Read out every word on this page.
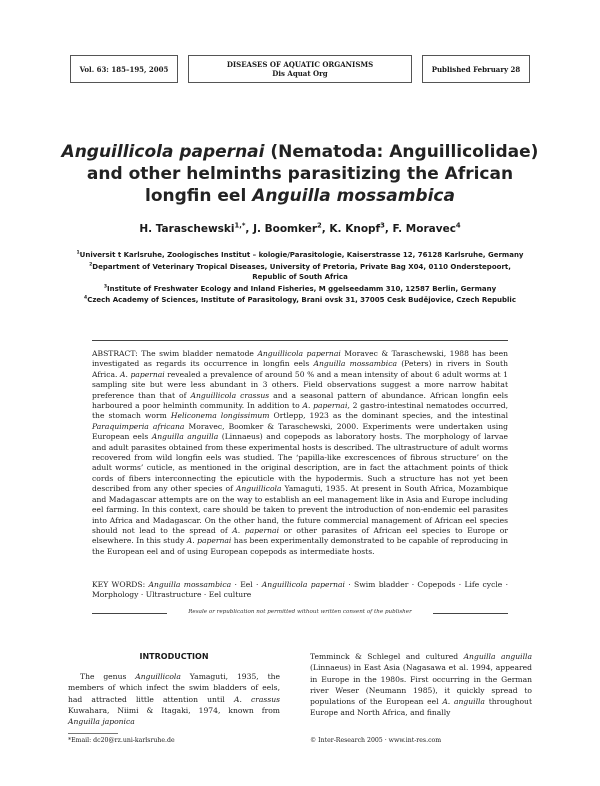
Vol. 63: 185–195, 2005	DISEASES OF AQUATIC ORGANISMS
Dis Aquat Org	Published February 28
Anguillicola papernai (Nematoda: Anguillicolidae)
and other helminths parasitizing the African
longfin eel Anguilla mossambica
H. Taraschewski$^{1,*}$, J. Boomker$^2$, K. Knopf$^3$, F. Moravec$^4$
$^1$Universit t Karlsruhe, Zoologisches Institut – kologie/Parasitologie, Kaiserstrasse 12, 76128 Karlsruhe, Germany
$^2$Department of Veterinary Tropical Diseases, University of Pretoria, Private Bag X04, 0110 Onderstepoort,
Republic of South Africa
$^3$Institute of Freshwater Ecology and Inland Fisheries, M ggelseedamm 310, 12587 Berlin, Germany
$^4$Czech Academy of Sciences, Institute of Parasitology, Brani ovsk 31, 37005 Cesk Budějovice, Czech Republic
ABSTRACT: The swim bladder nematode Anguillicola papernai Moravec & Taraschewski, 1988 has been investigated as regards its occurrence in longfin eels Anguilla mossambica (Peters) in rivers in South Africa. A. papernai revealed a prevalence of around 50 % and a mean intensity of about 6 adult worms at 1 sampling site but were less abundant in 3 others. Field observations suggest a more narrow habitat preference than that of Anguillicola crassus and a seasonal pattern of abundance. African longfin eels harboured a poor helminth community. In addition to A. papernai, 2 gastro-intestinal nematodes occurred, the stomach worm Heliconema longissimum Ortlepp, 1923 as the dominant species, and the intestinal Paraquimperia africana Moravec, Boomker & Taraschewski, 2000. Experiments were undertaken using European eels Anguilla anguilla (Linnaeus) and copepods as laboratory hosts. The morphology of larvae and adult parasites obtained from these experimental hosts is described. The ultrastructure of adult worms recovered from wild longfin eels was studied. The ‘papilla-like excrescences of fibrous structure’ on the adult worms’ cuticle, as mentioned in the original description, are in fact the attachment points of thick cords of fibers interconnecting the epicuticle with the hypodermis. Such a structure has not yet been described from any other species of Anguillicola Yamaguti, 1935. At present in South Africa, Mozambique and Madagascar attempts are on the way to establish an eel management like in Asia and Europe including eel farming. In this context, care should be taken to prevent the introduction of non-endemic eel parasites into Africa and Madagascar. On the other hand, the future commercial management of African eel species should not lead to the spread of A. papernai or other parasites of African eel species to Europe or elsewhere. In this study A. papernai has been experimentally demonstrated to be capable of reproducing in the European eel and of using European copepods as intermediate hosts.
KEY WORDS: Anguilla mossambica · Eel · Anguillicola papernai · Swim bladder · Copepods · Life cycle · Morphology · Ultrastructure · Eel culture
Resale or republication not permitted without written consent of the publisher
INTRODUCTION
The genus Anguillicola Yamaguti, 1935, the members of which infect the swim bladders of eels, had attracted little attention until A. crassus Kuwahara, Niimi & Itagaki, 1974, known from Anguilla japonica
Temminck & Schlegel and cultured Anguilla anguilla (Linnaeus) in East Asia (Nagasawa et al. 1994, appeared in Europe in the 1980s. First occurring in the German river Weser (Neumann 1985), it quickly spread to populations of the European eel A. anguilla throughout Europe and North Africa, and finally
*Email: dc20@rz.uni-karlsruhe.de	© Inter-Research 2005 · www.int-res.com
